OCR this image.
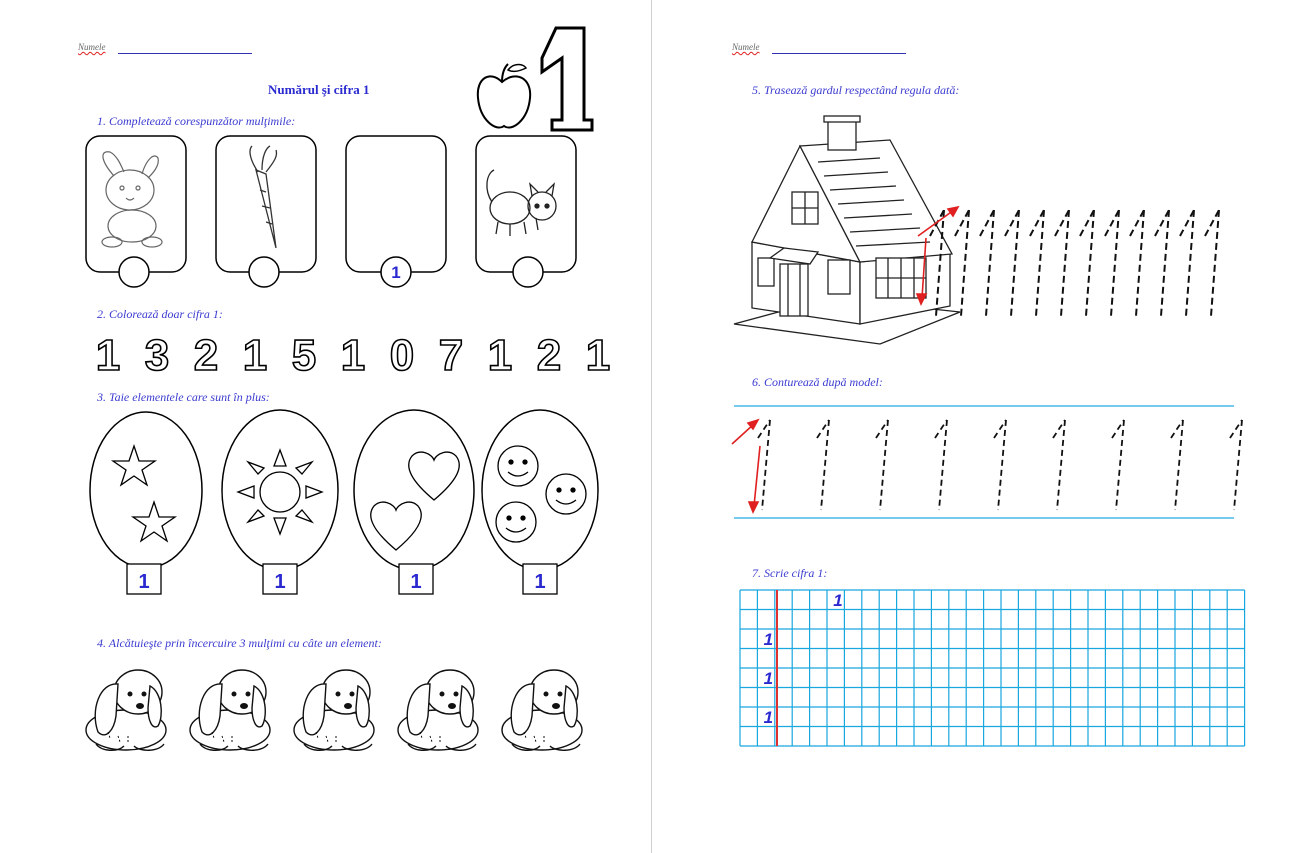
Numele
Numărul şi cifra 1
1. Completează corespunzător mulţimile:
1
2. Colorează doar cifra 1:
1 3 2 1 5 1 0 7 1 2 1
3. Taie elementele care sunt în plus:
1	1	1	1
4. Alcătuieşte prin încercuire 3 mulţimi cu câte un element:
Numele
5. Trasează gardul respectând regula dată:
6. Conturează după model:
7. Scrie cifra 1:
1
1
1
1
